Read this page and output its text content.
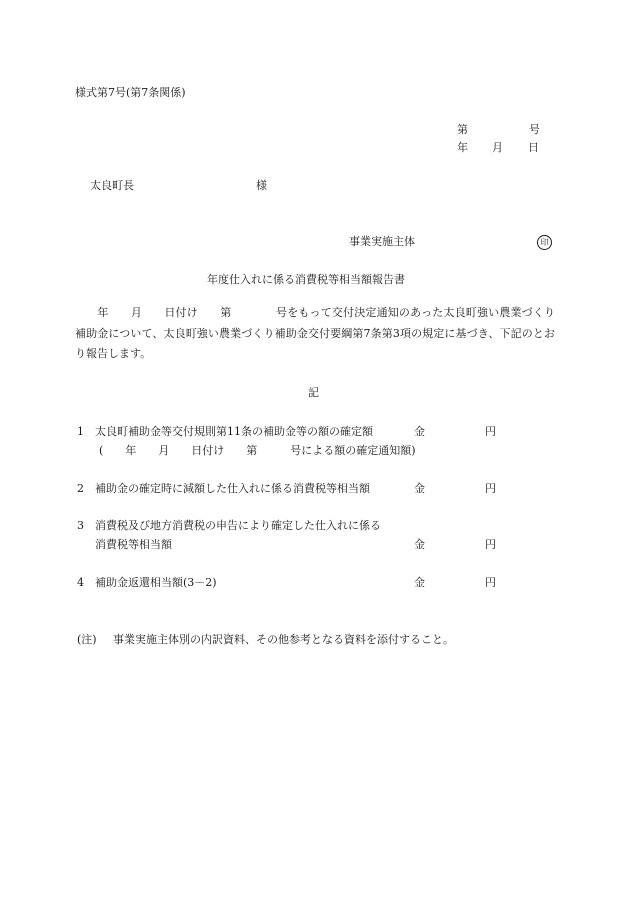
様式第7号(第7条関係)
第	号
年 月 日
太良町長	様
事業実施主体	印
年度仕入れに係る消費税等相当額報告書
　　年　　月　　日付け　　第　　　　号をもって交付決定通知のあった太良町強い農業づくり補助金について、太良町強い農業づくり補助金交付要綱第7条第3項の規定に基づき、下記のとおり報告します。
記
1 太良町補助金等交付規則第11条の補助金等の額の確定額	金	円
(　　年　　月　　日付け　　第　　　号による額の確定通知額)
2 補助金の確定時に減額した仕入れに係る消費税等相当額	金	円
3 消費税及び地方消費税の申告により確定した仕入れに係る
消費税等相当額	金	円
4 補助金返還相当額(3－2)	金	円
(注) 事業実施主体別の内訳資料、その他参考となる資料を添付すること。
